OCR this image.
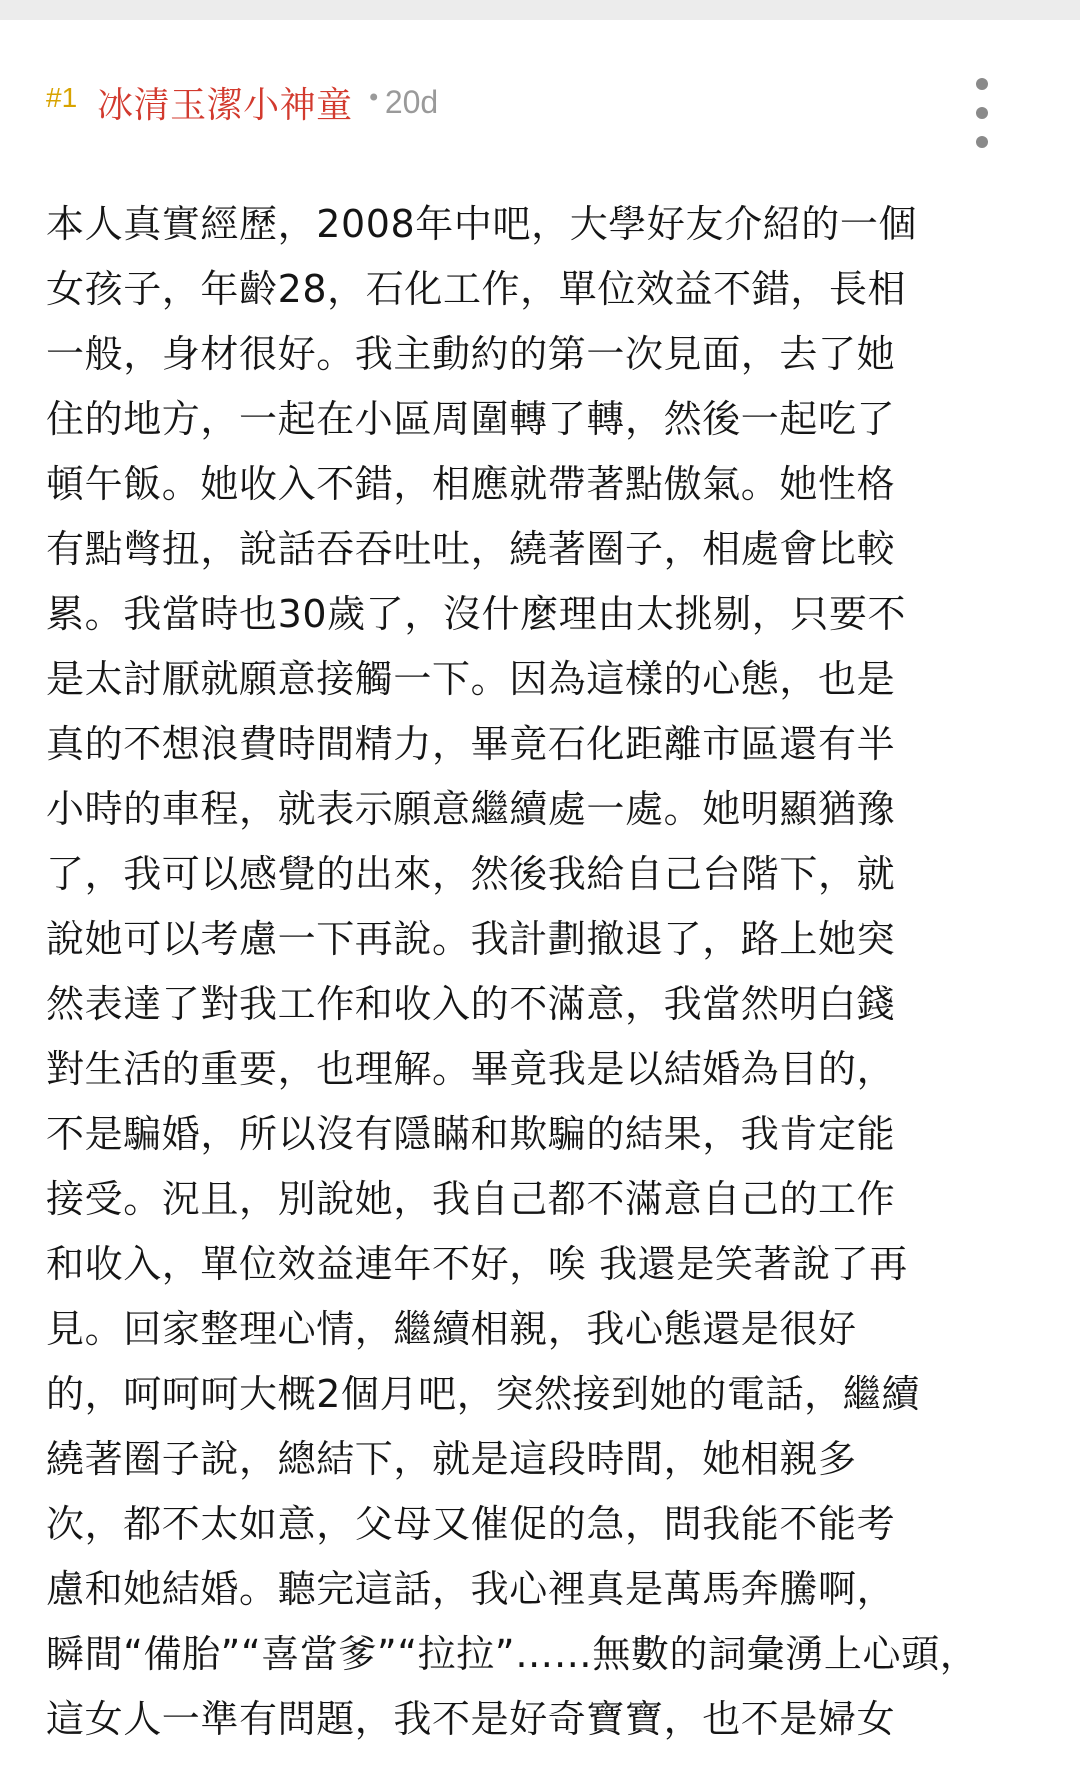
#1 冰清玉潔小神童 • 20d
本人真實經歷，2008年中吧，大學好友介紹的一個
女孩子，年齡28，石化工作，單位效益不錯，長相
一般，身材很好。我主動約的第一次見面，去了她
住的地方，一起在小區周圍轉了轉，然後一起吃了
頓午飯。她收入不錯，相應就帶著點傲氣。她性格
有點彆扭，說話吞吞吐吐，繞著圈子，相處會比較
累。我當時也30歲了，沒什麼理由太挑剔，只要不
是太討厭就願意接觸一下。因為這樣的心態，也是
真的不想浪費時間精力，畢竟石化距離市區還有半
小時的車程，就表示願意繼續處一處。她明顯猶豫
了，我可以感覺的出來，然後我給自己台階下，就
說她可以考慮一下再說。我計劃撤退了，路上她突
然表達了對我工作和收入的不滿意，我當然明白錢
對生活的重要，也理解。畢竟我是以結婚為目的，
不是騙婚，所以沒有隱瞞和欺騙的結果，我肯定能
接受。況且，別說她，我自己都不滿意自己的工作
和收入，單位效益連年不好，唉 我還是笑著說了再
見。回家整理心情，繼續相親，我心態還是很好
的，呵呵呵大概2個月吧，突然接到她的電話，繼續
繞著圈子說，總結下，就是這段時間，她相親多
次，都不太如意，父母又催促的急，問我能不能考
慮和她結婚。聽完這話，我心裡真是萬馬奔騰啊，
瞬間“備胎”“喜當爹”“拉拉”……無數的詞彙湧上心頭，
這女人一準有問題，我不是好奇寶寶，也不是婦女
